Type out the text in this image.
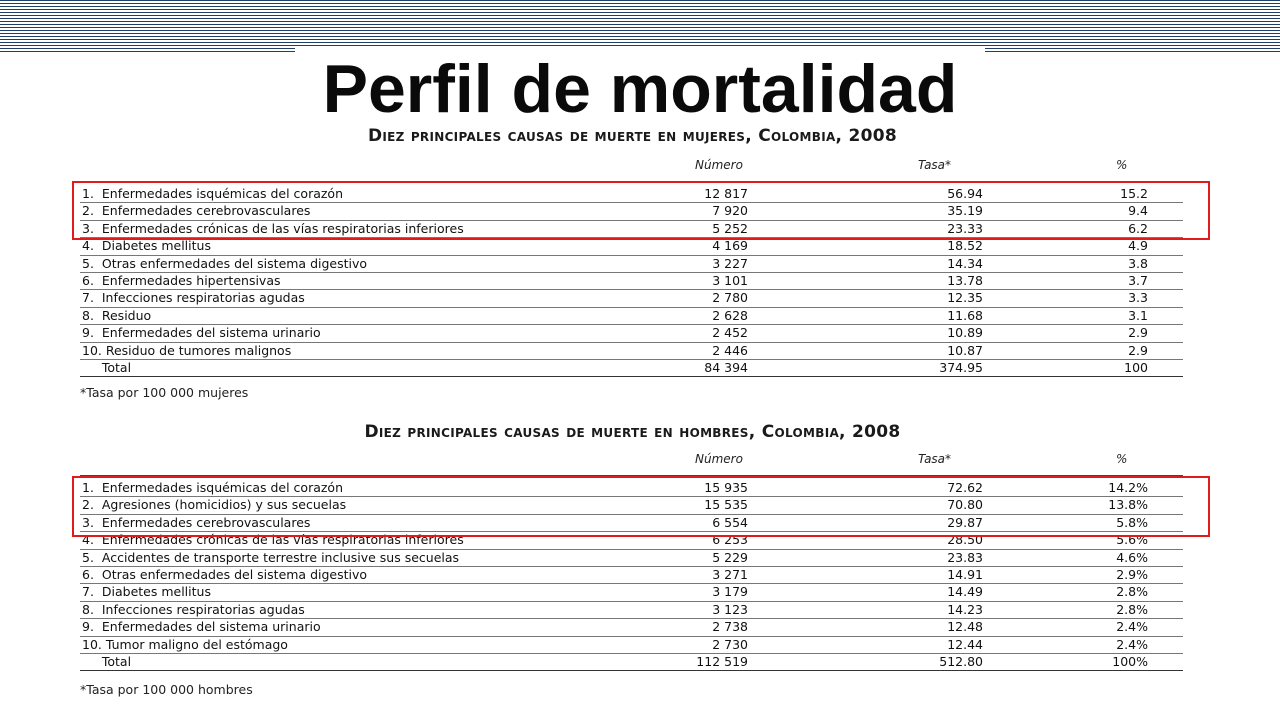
Perfil de mortalidad
Diez principales causas de muerte en mujeres, Colombia, 2008
Número	Tasa*	%
1.  Enfermedades isquémicas del corazón	12 817	56.94	15.2
2.  Enfermedades cerebrovasculares	7 920	35.19	9.4
3.  Enfermedades crónicas de las vías respiratorias inferiores	5 252	23.33	6.2
4.  Diabetes mellitus	4 169	18.52	4.9
5.  Otras enfermedades del sistema digestivo	3 227	14.34	3.8
6.  Enfermedades hipertensivas	3 101	13.78	3.7
7.  Infecciones respiratorias agudas	2 780	12.35	3.3
8.  Residuo	2 628	11.68	3.1
9.  Enfermedades del sistema urinario	2 452	10.89	2.9
10. Residuo de tumores malignos	2 446	10.87	2.9
Total	84 394	374.95	100
*Tasa por 100 000 mujeres
Diez principales causas de muerte en hombres, Colombia, 2008
Número	Tasa*	%
1.  Enfermedades isquémicas del corazón	15 935	72.62	14.2%
2.  Agresiones (homicidios) y sus secuelas	15 535	70.80	13.8%
3.  Enfermedades cerebrovasculares	6 554	29.87	5.8%
4.  Enfermedades crónicas de las vías respiratorias inferiores	6 253	28.50	5.6%
5.  Accidentes de transporte terrestre inclusive sus secuelas	5 229	23.83	4.6%
6.  Otras enfermedades del sistema digestivo	3 271	14.91	2.9%
7.  Diabetes mellitus	3 179	14.49	2.8%
8.  Infecciones respiratorias agudas	3 123	14.23	2.8%
9.  Enfermedades del sistema urinario	2 738	12.48	2.4%
10. Tumor maligno del estómago	2 730	12.44	2.4%
Total	112 519	512.80	100%
*Tasa por 100 000 hombres
